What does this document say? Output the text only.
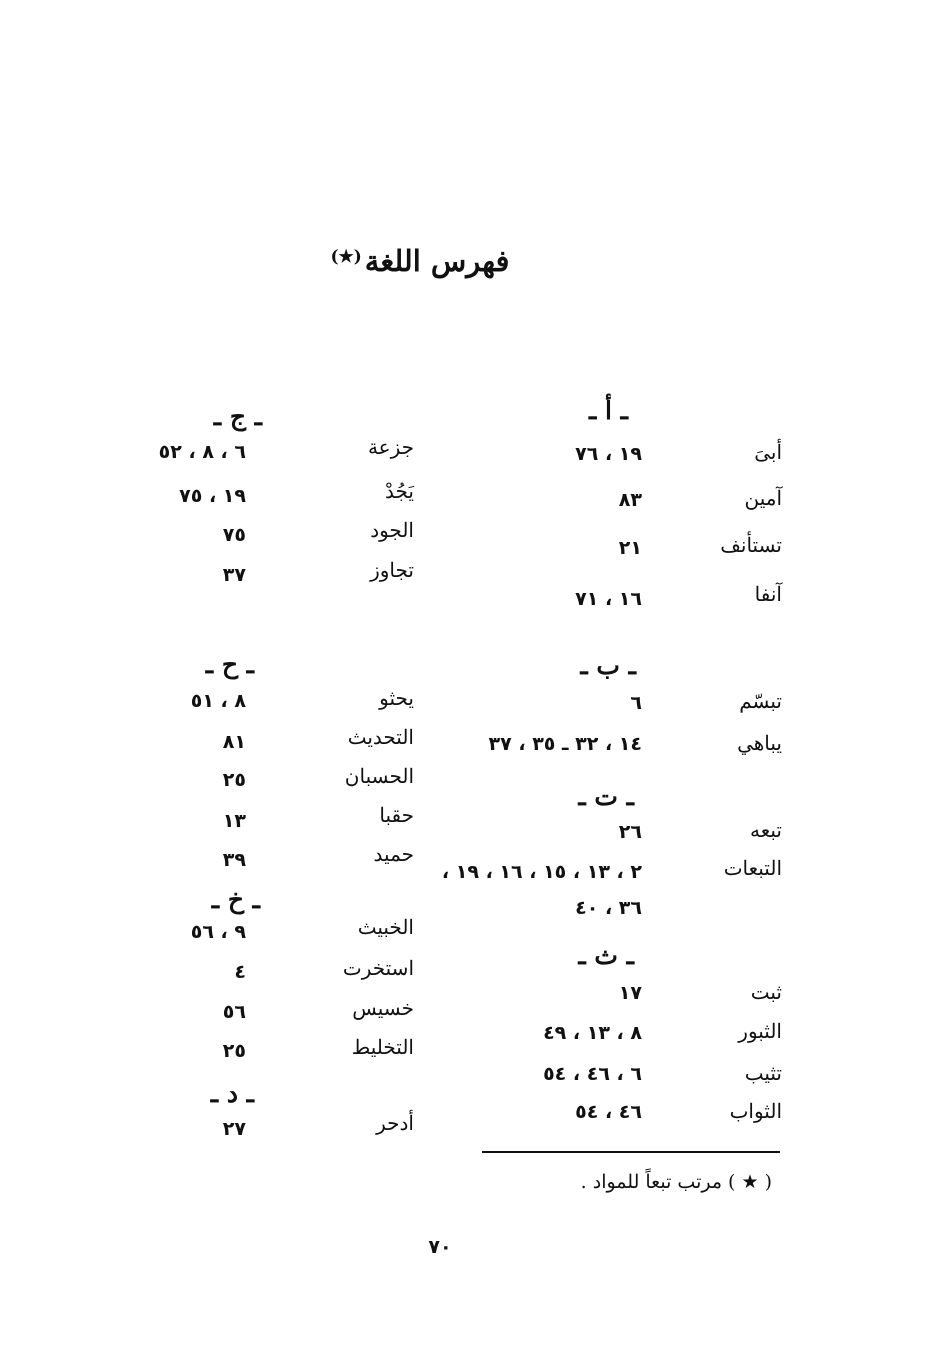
فهرس اللغة(★)
ـ أ ـ
أبىَ
١٩ ، ٧٦
آمين
٨٣
تستأنف
٢١
آنفا
١٦ ، ٧١
ـ ب ـ
تبسّم
٦
يباهي
١٤ ، ٣٢ ـ ٣٥ ، ٣٧
ـ ت ـ
تبعه
٢٦
التبعات
٢ ، ١٣ ، ١٥ ، ١٦ ، ١٩ ،
٣٦ ، ٤٠
ـ ث ـ
ثبت
١٧
الثبور
٨ ، ١٣ ، ٤٩
تثيب
٦ ، ٤٦ ، ٥٤
الثواب
٤٦ ، ٥٤
ـ ج ـ
جزعة
٦ ، ٨ ، ٥٢
يَجُدْ
١٩ ، ٧٥
الجود
٧٥
تجاوز
٣٧
ـ ح ـ
يحثو
٨ ، ٥١
التحديث
٨١
الحسبان
٢٥
حقبا
١٣
حميد
٣٩
ـ خ ـ
الخبيث
٩ ، ٥٦
استخرت
٤
خسيس
٥٦
التخليط
٢٥
ـ د ـ
أدحر
٢٧
( ★ ) مرتب تبعاً للمواد .
٧٠
